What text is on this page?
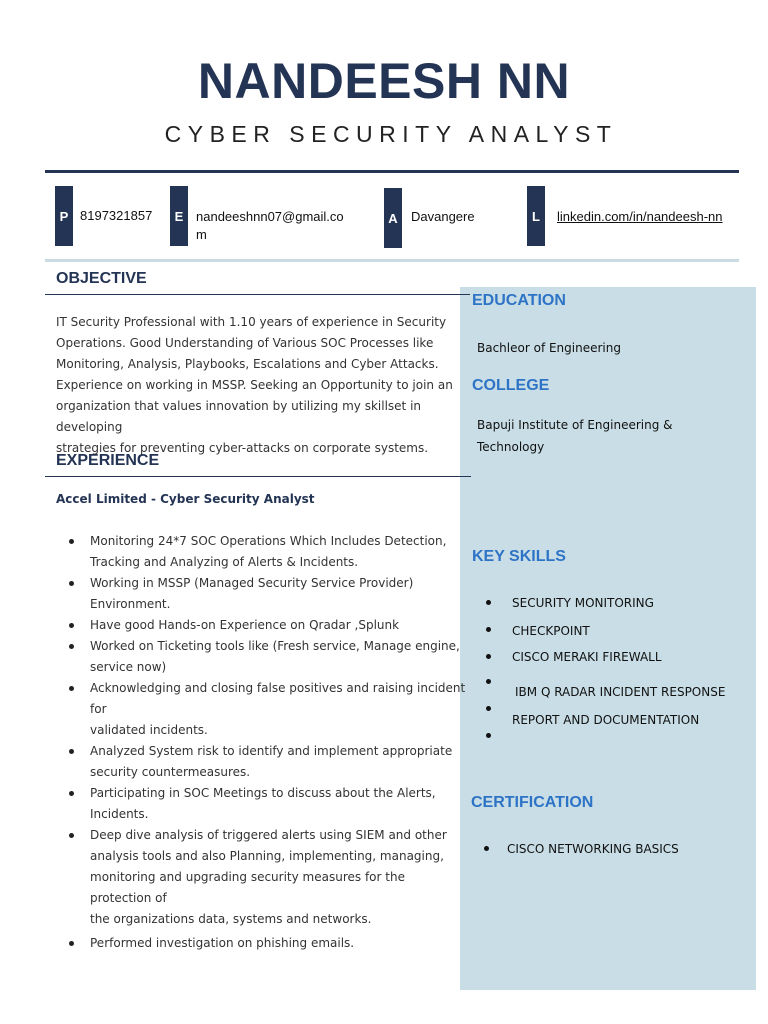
NANDEESH NN
CYBER SECURITY ANALYST
P 8197321857	E nandeeshnn07@gmail.co
m
A	Davangere	L	linkedin.com/in/nandeesh-nn
OBJECTIVE
IT Security Professional with 1.10 years of experience in Security
Operations. Good Understanding of Various SOC Processes like
Monitoring, Analysis, Playbooks, Escalations and Cyber Attacks.
Experience on working in MSSP. Seeking an Opportunity to join an
organization that values innovation by utilizing my skillset in developing
strategies for preventing cyber-attacks on corporate systems.
EXPERIENCE
Accel Limited - Cyber Security Analyst
Monitoring 24*7 SOC Operations Which Includes Detection,
Tracking and Analyzing of Alerts & Incidents.
Working in MSSP (Managed Security Service Provider)
Environment.
Have good Hands-on Experience on Qradar ,Splunk
Worked on Ticketing tools like (Fresh service, Manage engine,
service now)
Acknowledging and closing false positives and raising incident for
validated incidents.
Analyzed System risk to identify and implement appropriate
security countermeasures.
Participating in SOC Meetings to discuss about the Alerts,
Incidents.
Deep dive analysis of triggered alerts using SIEM and other
analysis tools and also Planning, implementing, managing,
monitoring and upgrading security measures for the protection of
the organizations data, systems and networks.
Performed investigation on phishing emails.
EDUCATION
Bachleor of Engineering
COLLEGE
Bapuji Institute of Engineering &
Technology
KEY SKILLS
SECURITY MONITORING
CHECKPOINT
CISCO MERAKI FIREWALL
IBM Q RADAR INCIDENT RESPONSE
REPORT AND DOCUMENTATION
CERTIFICATION
CISCO NETWORKING BASICS
